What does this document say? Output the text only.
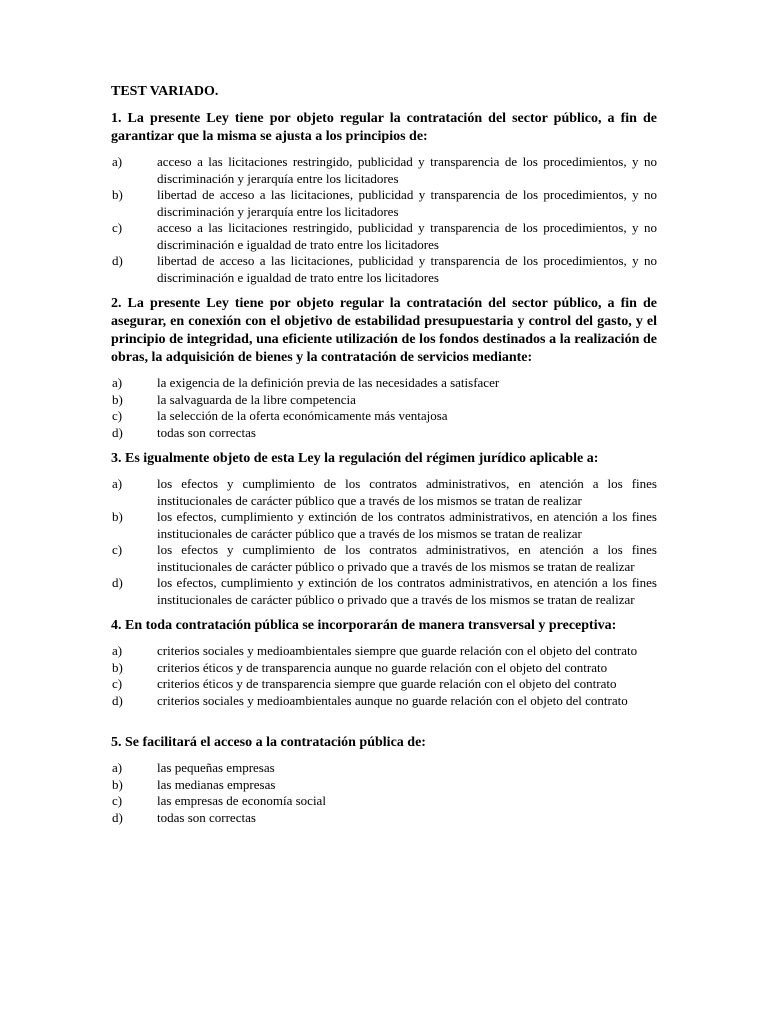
TEST VARIADO.
1. La presente Ley tiene por objeto regular la contratación del sector público, a fin de garantizar que la misma se ajusta a los principios de:
a)	acceso a las licitaciones restringido, publicidad y transparencia de los procedimientos, y no discriminación y jerarquía entre los licitadores
b)	libertad de acceso a las licitaciones, publicidad y transparencia de los procedimientos, y no discriminación y jerarquía entre los licitadores
c)	acceso a las licitaciones restringido, publicidad y transparencia de los procedimientos, y no discriminación e igualdad de trato entre los licitadores
d)	libertad de acceso a las licitaciones, publicidad y transparencia de los procedimientos, y no discriminación e igualdad de trato entre los licitadores
2. La presente Ley tiene por objeto regular la contratación del sector público, a fin de asegurar, en conexión con el objetivo de estabilidad presupuestaria y control del gasto, y el principio de integridad, una eficiente utilización de los fondos destinados a la realización de obras, la adquisición de bienes y la contratación de servicios mediante:
a)	la exigencia de la definición previa de las necesidades a satisfacer
b)	la salvaguarda de la libre competencia
c)	la selección de la oferta económicamente más ventajosa
d)	todas son correctas
3. Es igualmente objeto de esta Ley la regulación del régimen jurídico aplicable a:
a)	los efectos y cumplimiento de los contratos administrativos, en atención a los fines institucionales de carácter público que a través de los mismos se tratan de realizar
b)	los efectos, cumplimiento y extinción de los contratos administrativos, en atención a los fines institucionales de carácter público que a través de los mismos se tratan de realizar
c)	los efectos y cumplimiento de los contratos administrativos, en atención a los fines institucionales de carácter público o privado que a través de los mismos se tratan de realizar
d)	los efectos, cumplimiento y extinción de los contratos administrativos, en atención a los fines institucionales de carácter público o privado que a través de los mismos se tratan de realizar
4. En toda contratación pública se incorporarán de manera transversal y preceptiva:
a)	criterios sociales y medioambientales siempre que guarde relación con el objeto del contrato
b)	criterios éticos y de transparencia aunque no guarde relación con el objeto del contrato
c)	criterios éticos y de transparencia siempre que guarde relación con el objeto del contrato
d)	criterios sociales y medioambientales aunque no guarde relación con el objeto del contrato
5. Se facilitará el acceso a la contratación pública de:
a)	las pequeñas empresas
b)	las medianas empresas
c)	las empresas de economía social
d)	todas son correctas
